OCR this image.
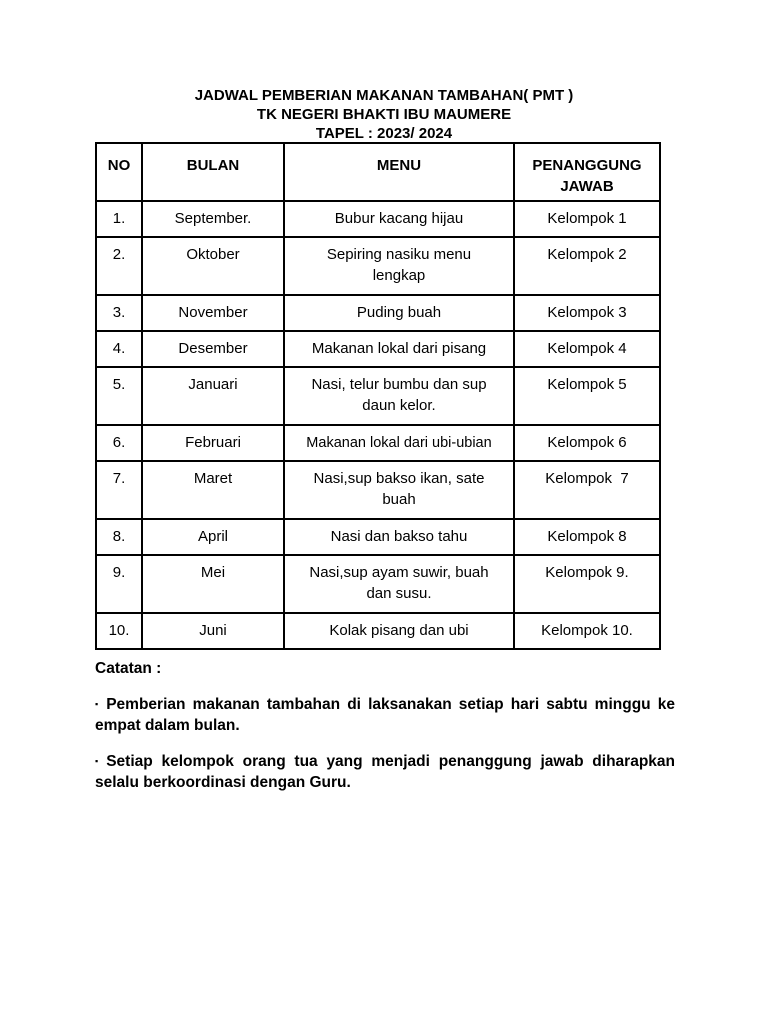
JADWAL PEMBERIAN MAKANAN TAMBAHAN( PMT )
TK NEGERI BHAKTI IBU MAUMERE
TAPEL : 2023/ 2024
NO	BULAN	MENU	PENANGGUNG JAWAB
1.	September.	Bubur kacang hijau	Kelompok 1
2.	Oktober	Sepiring nasiku menu lengkap	Kelompok 2
3.	November	Puding buah	Kelompok 3
4.	Desember	Makanan lokal dari pisang	Kelompok 4
5.	Januari	Nasi, telur bumbu dan sup daun kelor.	Kelompok 5
6.	Februari	Makanan lokal dari ubi-ubian	Kelompok 6
7.	Maret	Nasi,sup bakso ikan, sate buah	Kelompok  7
8.	April	Nasi dan bakso tahu	Kelompok 8
9.	Mei	Nasi,sup ayam suwir, buah dan susu.	Kelompok 9.
10.	Juni	Kolak pisang dan ubi	Kelompok 10.
Catatan :
▪ Pemberian makanan tambahan di laksanakan setiap hari sabtu minggu ke empat dalam bulan.
▪ Setiap kelompok orang tua yang menjadi penanggung jawab diharapkan selalu berkoordinasi dengan Guru.
